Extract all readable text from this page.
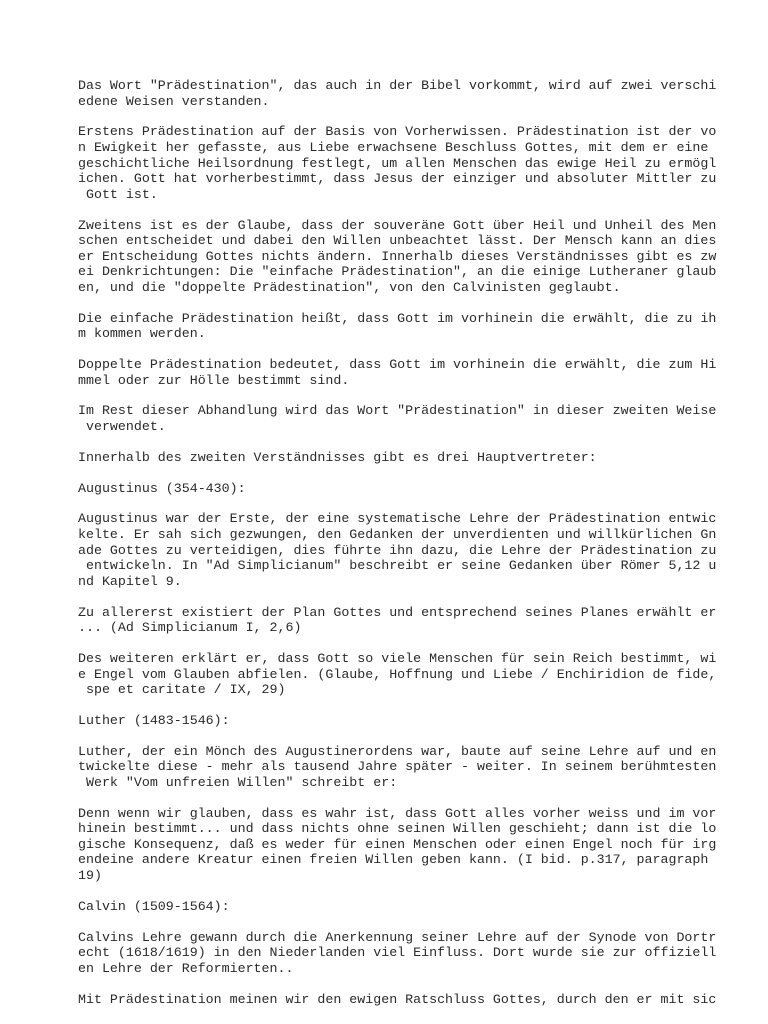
Das Wort "Prädestination", das auch in der Bibel vorkommt, wird auf zwei verschi
edene Weisen verstanden.
Erstens Prädestination auf der Basis von Vorherwissen. Prädestination ist der vo
n Ewigkeit her gefasste, aus Liebe erwachsene Beschluss Gottes, mit dem er eine
geschichtliche Heilsordnung festlegt, um allen Menschen das ewige Heil zu ermögl
ichen. Gott hat vorherbestimmt, dass Jesus der einziger und absoluter Mittler zu
Gott ist.
Zweitens ist es der Glaube, dass der souveräne Gott über Heil und Unheil des Men
schen entscheidet und dabei den Willen unbeachtet lässt. Der Mensch kann an dies
er Entscheidung Gottes nichts ändern. Innerhalb dieses Verständnisses gibt es zw
ei Denkrichtungen: Die "einfache Prädestination", an die einige Lutheraner glaub
en, und die "doppelte Prädestination", von den Calvinisten geglaubt.
Die einfache Prädestination heißt, dass Gott im vorhinein die erwählt, die zu ih
m kommen werden.
Doppelte Prädestination bedeutet, dass Gott im vorhinein die erwählt, die zum Hi
mmel oder zur Hölle bestimmt sind.
Im Rest dieser Abhandlung wird das Wort "Prädestination" in dieser zweiten Weise
verwendet.
Innerhalb des zweiten Verständnisses gibt es drei Hauptvertreter:
Augustinus (354-430):
Augustinus war der Erste, der eine systematische Lehre der Prädestination entwic
kelte. Er sah sich gezwungen, den Gedanken der unverdienten und willkürlichen Gn
ade Gottes zu verteidigen, dies führte ihn dazu, die Lehre der Prädestination zu
entwickeln. In "Ad Simplicianum" beschreibt er seine Gedanken über Römer 5,12 u
nd Kapitel 9.
Zu allererst existiert der Plan Gottes und entsprechend seines Planes erwählt er
... (Ad Simplicianum I, 2,6)
Des weiteren erklärt er, dass Gott so viele Menschen für sein Reich bestimmt, wi
e Engel vom Glauben abfielen. (Glaube, Hoffnung und Liebe / Enchiridion de fide,
spe et caritate / IX, 29)
Luther (1483-1546):
Luther, der ein Mönch des Augustinerordens war, baute auf seine Lehre auf und en
twickelte diese - mehr als tausend Jahre später - weiter. In seinem berühmtesten
Werk "Vom unfreien Willen" schreibt er:
Denn wenn wir glauben, dass es wahr ist, dass Gott alles vorher weiss und im vor
hinein bestimmt... und dass nichts ohne seinen Willen geschieht; dann ist die lo
gische Konsequenz, daß es weder für einen Menschen oder einen Engel noch für irg
endeine andere Kreatur einen freien Willen geben kann. (I bid. p.317, paragraph
19)
Calvin (1509-1564):
Calvins Lehre gewann durch die Anerkennung seiner Lehre auf der Synode von Dortr
echt (1618/1619) in den Niederlanden viel Einfluss. Dort wurde sie zur offiziell
en Lehre der Reformierten..
Mit Prädestination meinen wir den ewigen Ratschluss Gottes, durch den er mit sic
